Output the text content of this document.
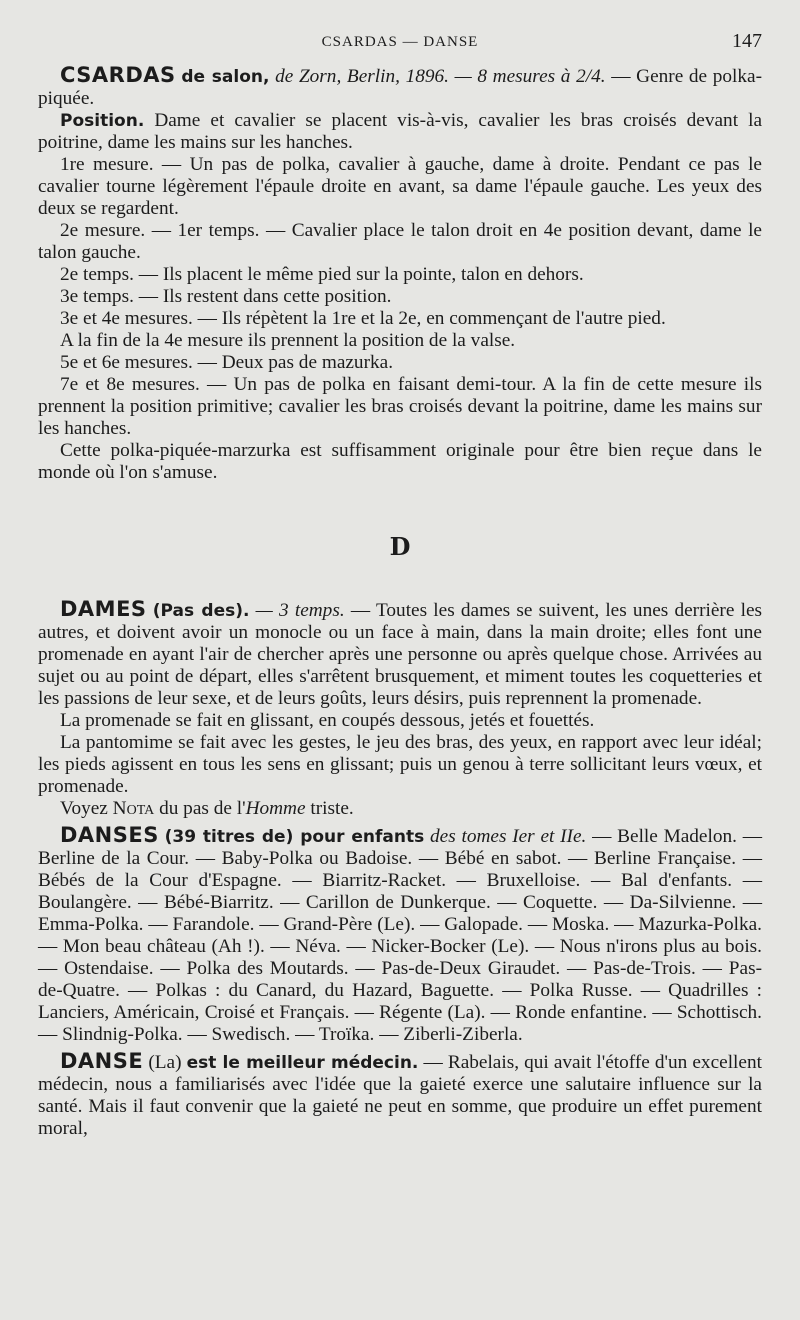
CSARDAS — DANSE	147

CSARDAS de salon, de Zorn, Berlin, 1896. — 8 mesures à 2/4. — Genre de polka-piquée.

Position. Dame et cavalier se placent vis-à-vis, cavalier les bras croisés devant la poitrine, dame les mains sur les hanches.

1re mesure. — Un pas de polka, cavalier à gauche, dame à droite. Pendant ce pas le cavalier tourne légèrement l'épaule droite en avant, sa dame l'épaule gauche. Les yeux des deux se regardent.

2e mesure. — 1er temps. — Cavalier place le talon droit en 4e position devant, dame le talon gauche.

2e temps. — Ils placent le même pied sur la pointe, talon en dehors.

3e temps. — Ils restent dans cette position.

3e et 4e mesures. — Ils répètent la 1re et la 2e, en commençant de l'autre pied.

A la fin de la 4e mesure ils prennent la position de la valse.

5e et 6e mesures. — Deux pas de mazurka.

7e et 8e mesures. — Un pas de polka en faisant demi-tour. A la fin de cette mesure ils prennent la position primitive; cavalier les bras croisés devant la poitrine, dame les mains sur les hanches.

Cette polka-piquée-marzurka est suffisamment originale pour être bien reçue dans le monde où l'on s'amuse.

D

DAMES (Pas des). — 3 temps. — Toutes les dames se suivent, les unes derrière les autres, et doivent avoir un monocle ou un face à main, dans la main droite; elles font une promenade en ayant l'air de chercher après une personne ou après quelque chose. Arrivées au sujet ou au point de départ, elles s'arrêtent brusquement, et miment toutes les coquetteries et les passions de leur sexe, et de leurs goûts, leurs désirs, puis reprennent la promenade.

La promenade se fait en glissant, en coupés dessous, jetés et fouettés.

La pantomime se fait avec les gestes, le jeu des bras, des yeux, en rapport avec leur idéal; les pieds agissent en tous les sens en glissant; puis un genou à terre sollicitant leurs vœux, et promenade.

Voyez Nota du pas de l'Homme triste.

DANSES (39 titres de) pour enfants des tomes Ier et IIe. — Belle Madelon. — Berline de la Cour. — Baby-Polka ou Badoise. — Bébé en sabot. — Berline Française. — Bébés de la Cour d'Espagne. — Biarritz-Racket. — Bruxelloise. — Bal d'enfants. — Boulangère. — Bébé-Biarritz. — Carillon de Dunkerque. — Coquette. — Da-Silvienne. — Emma-Polka. — Farandole. — Grand-Père (Le). — Galopade. — Moska. — Mazurka-Polka. — Mon beau château (Ah !). — Néva. — Nicker-Bocker (Le). — Nous n'irons plus au bois. — Ostendaise. — Polka des Moutards. — Pas-de-Deux Giraudet. — Pas-de-Trois. — Pas-de-Quatre. — Polkas : du Canard, du Hazard, Baguette. — Polka Russe. — Quadrilles : Lanciers, Américain, Croisé et Français. — Régente (La). — Ronde enfantine. — Schottisch. — Slindnig-Polka. — Swedisch. — Troïka. — Ziberli-Ziberla.

DANSE (La) est le meilleur médecin. — Rabelais, qui avait l'étoffe d'un excellent médecin, nous a familiarisés avec l'idée que la gaieté exerce une salutaire influence sur la santé. Mais il faut convenir que la gaieté ne peut en somme, que produire un effet purement moral,
